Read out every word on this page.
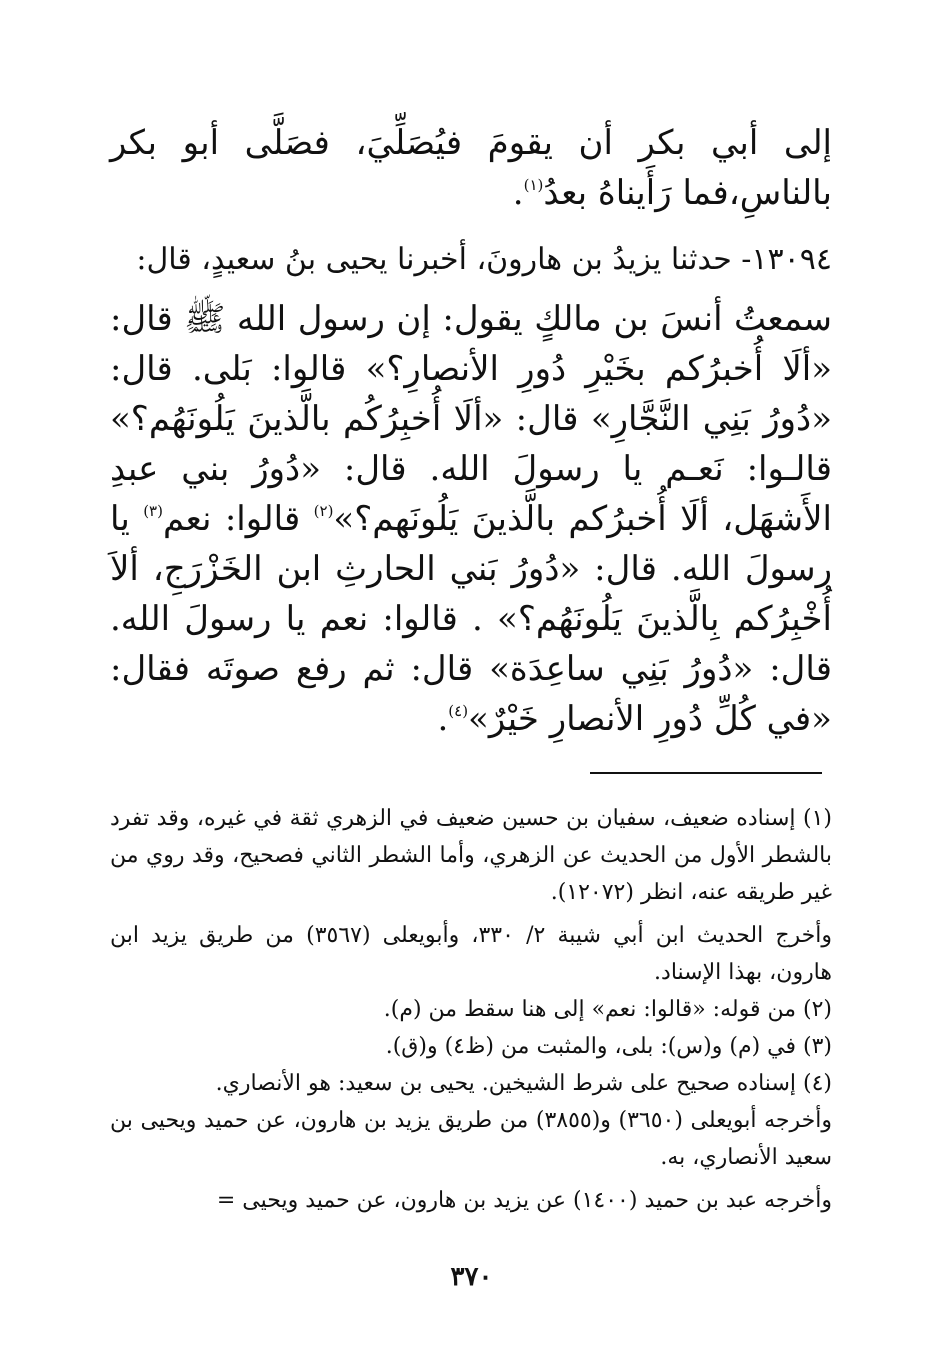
إلى أبي بكر أن يقومَ فيُصَلِّيَ، فصَلَّى أبو بكر بالناسِ،فما رَأَيناهُ بعدُ$^{(١)}$.

١٣٠٩٤- حدثنا يزيدُ بن هارونَ، أخبرنا يحيى بنُ سعيدٍ، قال:

سمعتُ أنسَ بن مالكٍ يقول: إن رسول الله ﷺ قال: «ألَا أُخبرُكم بخَيْرِ دُورِ الأنصارِ؟» قالوا: بَلى. قال: «دُورُ بَنِي النَّجَّارِ» قال: «ألَا أُخبِرُكُم بالَّذينَ يَلُونَهُم؟» قالـوا: نَعـم يا رسولَ الله. قال: «دُورُ بني عبدِ الأَشهَل، ألَا أُخبرُكم بالَّذينَ يَلُونَهم؟»$^{(٢)}$ قالوا: نعم$^{(٣)}$ يا رسولَ الله. قال: «دُورُ بَني الحارثِ ابن الخَزْرَجِ، ألاَ أُخْبِرُكم بِالَّذينَ يَلُونَهُم؟» . قالوا: نعم يا رسولَ الله. قال: «دُورُ بَنِي ساعِدَة» قال: ثم رفع صوتَه فقال: «في كُلِّ دُورِ الأنصارِ خَيْرٌ»$^{(٤)}$.

(١) إسناده ضعيف، سفيان بن حسين ضعيف في الزهري ثقة في غيره، وقد تفرد بالشطر الأول من الحديث عن الزهري، وأما الشطر الثاني فصحيح، وقد روي من غير طريقه عنه، انظر (١٢٠٧٢).

وأخرج الحديث ابن أبي شيبة ٢/ ٣٣٠، وأبويعلى (٣٥٦٧) من طريق يزيد ابن هارون، بهذا الإسناد.

(٢) من قوله: «قالوا: نعم» إلى هنا سقط من (م).

(٣) في (م) و(س): بلى، والمثبت من (ظ٤) و(ق).

(٤) إسناده صحيح على شرط الشيخين. يحيى بن سعيد: هو الأنصاري.

وأخرجه أبويعلى (٣٦٥٠) و(٣٨٥٥) من طريق يزيد بن هارون، عن حميد ويحيى بن سعيد الأنصاري، به.

وأخرجه عبد بن حميد (١٤٠٠) عن يزيد بن هارون، عن حميد ويحيى =

٣٧٠
